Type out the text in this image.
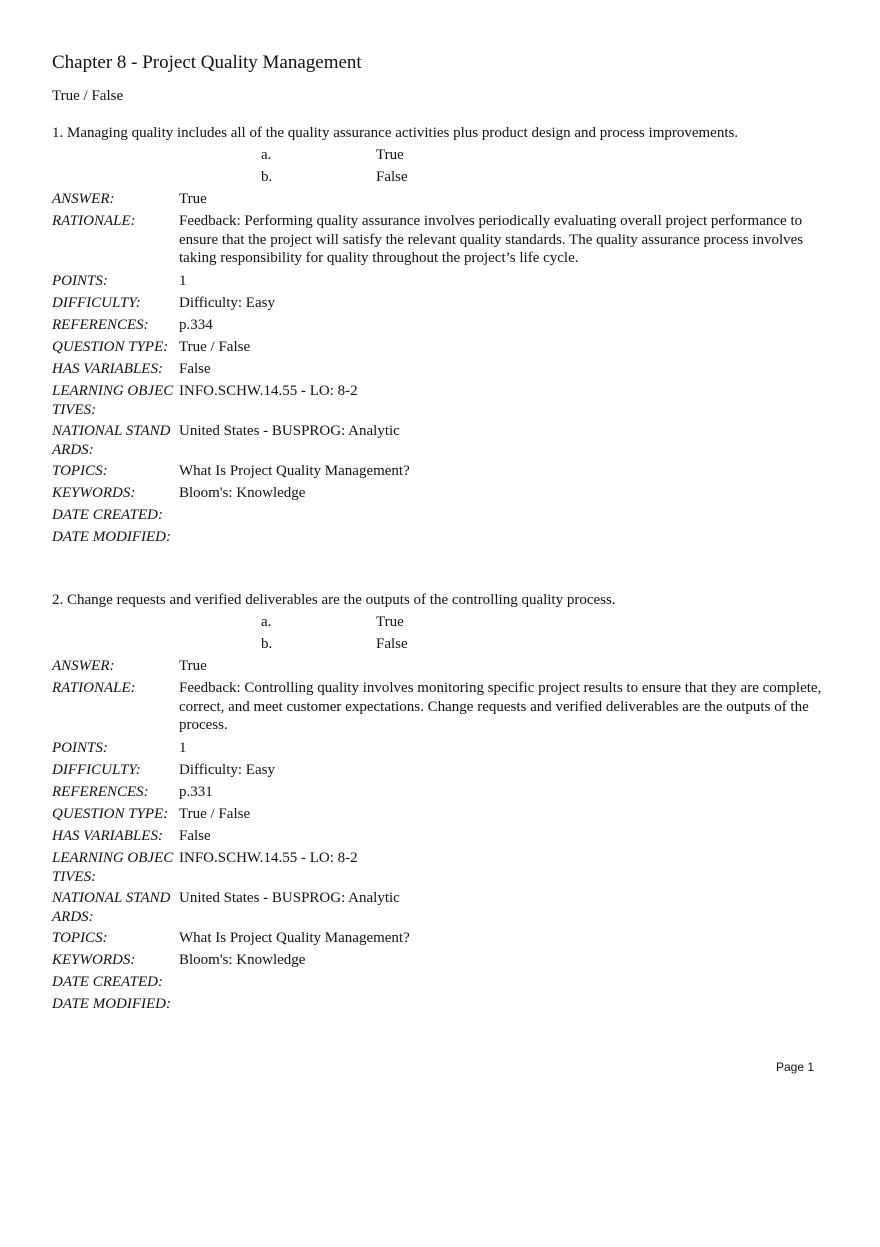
Chapter 8 - Project Quality Management
True / False
1. Managing quality includes all of the quality assurance activities plus product design and process improvements.
a.	True
b.	False
ANSWER:	True
RATIONALE:	Feedback: Performing quality assurance involves periodically evaluating overall project performance to ensure that the project will satisfy the relevant quality standards. The quality assurance process involves taking responsibility for quality throughout the project’s life cycle.
POINTS:	1
DIFFICULTY:	Difficulty: Easy
REFERENCES:	p.334
QUESTION TYPE: True / False
HAS VARIABLES:	False
LEARNING OBJECTIVES:
INFO.SCHW.14.55 - LO: 8-2
NATIONAL STANDARDS:
United States - BUSPROG: Analytic
TOPICS:	What Is Project Quality Management?
KEYWORDS:	Bloom's: Knowledge
DATE CREATED:
DATE MODIFIED:
2. Change requests and verified deliverables are the outputs of the controlling quality process.
a.	True
b.	False
ANSWER:	True
RATIONALE:	Feedback: Controlling quality involves monitoring specific project results to ensure that they are complete, correct, and meet customer expectations. Change requests and verified deliverables are the outputs of the process.
POINTS:	1
DIFFICULTY:	Difficulty: Easy
REFERENCES:	p.331
QUESTION TYPE: True / False
HAS VARIABLES:	False
LEARNING OBJECTIVES:
INFO.SCHW.14.55 - LO: 8-2
NATIONAL STANDARDS:
United States - BUSPROG: Analytic
TOPICS:	What Is Project Quality Management?
KEYWORDS:	Bloom's: Knowledge
DATE CREATED:
DATE MODIFIED:
Page 1
